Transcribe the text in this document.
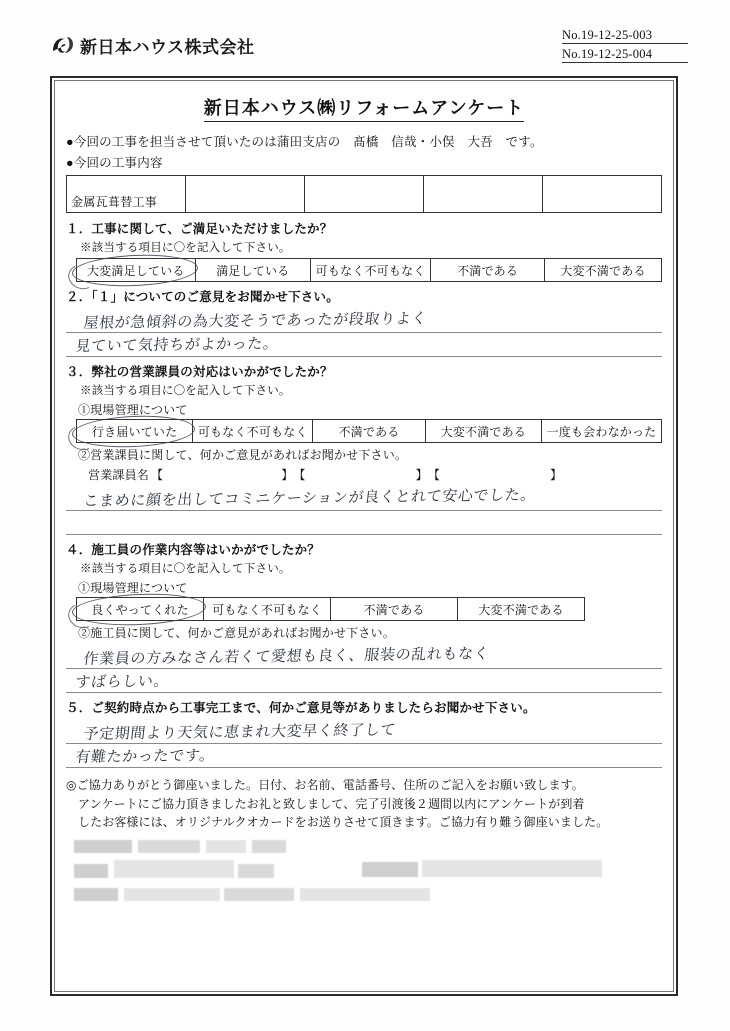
新日本ハウス株式会社
No.19-12-25-003
No.19-12-25-004
新日本ハウス㈱リフォームアンケート
●今回の工事を担当させて頂いたのは蒲田支店の　髙橋　信哉・小俣　大吾　です。
●今回の工事内容
金属瓦葺替工事				
１．工事に関して、ご満足いただけましたか？
※該当する項目に〇を記入して下さい。
大変満足している	満足している	可もなく不可もなく	不満である	大変不満である
２．「１」についてのご意見をお聞かせ下さい。
屋根が急傾斜の為大変そうであったが段取りよく
見ていて気持ちがよかった。
３．弊社の営業課員の対応はいかがでしたか？
※該当する項目に〇を記入して下さい。
①現場管理について
行き届いていた	可もなく不可もなく	不満である	大変不満である	一度も会わなかった
②営業課員に関して、何かご意見があればお聞かせ下さい。
営業課員名 【	】 【	】 【	】
こまめに顔を出してコミニケーションが良くとれて安心でした。
４．施工員の作業内容等はいかがでしたか？
※該当する項目に〇を記入して下さい。
①現場管理について
良くやってくれた	可もなく不可もなく	不満である	大変不満である
②施工員に関して、何かご意見があればお聞かせ下さい。
作業員の方みなさん若くて愛想も良く、服装の乱れもなく
すばらしい。
５．ご契約時点から工事完工まで、何かご意見等がありましたらお聞かせ下さい。
予定期間より天気に恵まれ大変早く終了して
有難たかったです。
◎ご協力ありがとう御座いました。日付、お名前、電話番号、住所のご記入をお願い致します。
アンケートにご協力頂きましたお礼と致しまして、完了引渡後２週間以内にアンケートが到着
したお客様には、オリジナルクオカードをお送りさせて頂きます。ご協力有り難う御座いました。
